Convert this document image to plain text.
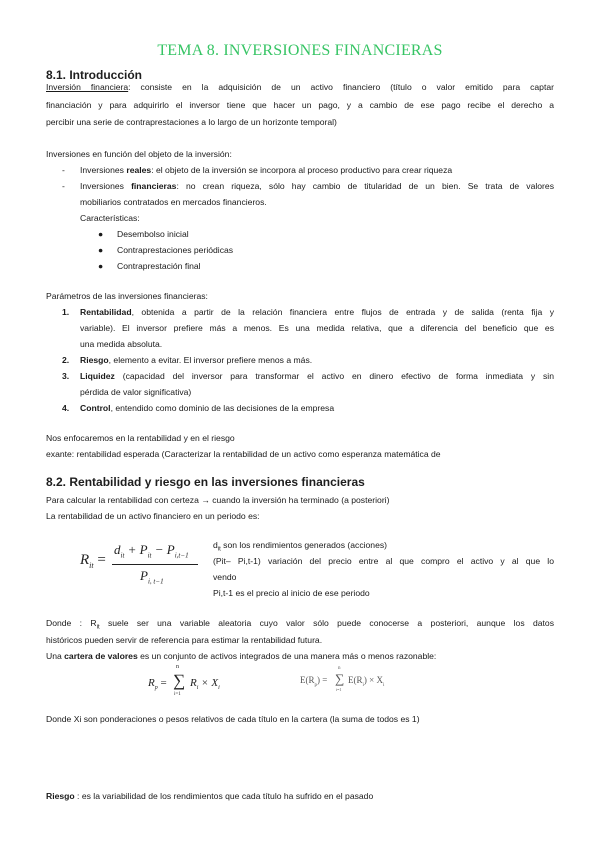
TEMA 8. INVERSIONES FINANCIERAS
8.1. Introducción
Inversión financiera: consiste en la adquisición de un activo financiero (título o valor emitido para captar
financiación y para adquirirlo el inversor tiene que hacer un pago, y a cambio de ese pago recibe el derecho a
percibir una serie de contraprestaciones a lo largo de un horizonte temporal)
Inversiones en función del objeto de la inversión:
- Inversiones reales: el objeto de la inversión se incorpora al proceso productivo para crear riqueza
- Inversiones financieras: no crean riqueza, sólo hay cambio de titularidad de un bien. Se trata de valores
mobiliarios contratados en mercados financieros.
Características:
● Desembolso inicial
● Contraprestaciones periódicas
● Contraprestación final
Parámetros de las inversiones financieras:
1. Rentabilidad, obtenida a partir de la relación financiera entre flujos de entrada y de salida (renta fija y
variable). El inversor prefiere más a menos. Es una medida relativa, que a diferencia del beneficio que es
una medida absoluta.
2. Riesgo, elemento a evitar. El inversor prefiere menos a más.
3. Liquidez (capacidad del inversor para transformar el activo en dinero efectivo de forma inmediata y sin
pérdida de valor significativa)
4. Control, entendido como dominio de las decisiones de la empresa
Nos enfocaremos en la rentabilidad y en el riesgo
exante: rentabilidad esperada (Caracterizar la rentabilidad de un activo como esperanza matemática de
8.2. Rentabilidad y riesgo en las inversiones financieras
Para calcular la rentabilidad con certeza → cuando la inversión ha terminado (a posteriori)
La rentabilidad de un activo financiero en un periodo es:
$R_{it}$ =
$d_{it} + P_{it} - P_{i,t-1}$
$P_{i, t-1}$
$d_{it}$ son los rendimientos generados (acciones)
(Pit– Pi,t-1) variación del precio entre al que compro el activo y al que lo
vendo
Pi,t-1 es el precio al inicio de ese periodo
Donde : $R_{it}$ suele ser una variable aleatoria cuyo valor sólo puede conocerse a posteriori, aunque los datos
históricos pueden servir de referencia para estimar la rentabilidad futura.
Una cartera de valores es un conjunto de activos integrados de una manera más o menos razonable:
$R_p$ =
n
∑
i=1
$R_i \times X_i$
$E(R_p)$ =
n
∑
i=1
$E(R_i) \times X_i$
Donde Xi son ponderaciones o pesos relativos de cada título en la cartera (la suma de todos es 1)
Riesgo : es la variabilidad de los rendimientos que cada título ha sufrido en el pasado
